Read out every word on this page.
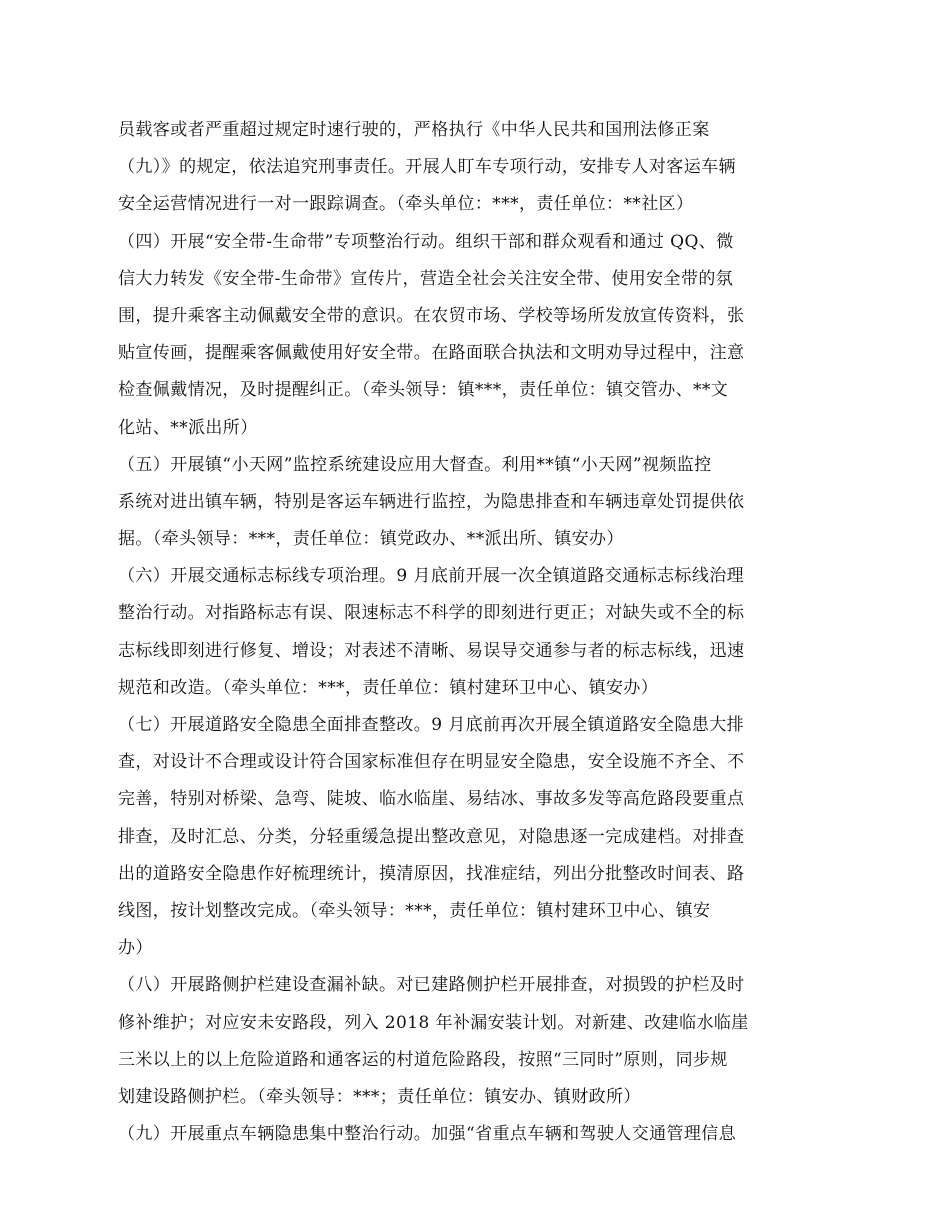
员载客或者严重超过规定时速行驶的，严格执行《中华人民共和国刑法修正案
（九）》的规定，依法追究刑事责任。开展人盯车专项行动，安排专人对客运车辆
安全运营情况进行一对一跟踪调查。（牵头单位：***，责任单位：**社区）
（四）开展“安全带-生命带”专项整治行动。组织干部和群众观看和通过 QQ、微
信大力转发《安全带-生命带》宣传片，营造全社会关注安全带、使用安全带的氛
围，提升乘客主动佩戴安全带的意识。在农贸市场、学校等场所发放宣传资料，张
贴宣传画，提醒乘客佩戴使用好安全带。在路面联合执法和文明劝导过程中，注意
检查佩戴情况，及时提醒纠正。（牵头领导：镇***，责任单位：镇交管办、**文
化站、**派出所）
（五）开展镇“小天网”监控系统建设应用大督查。利用**镇“小天网”视频监控
系统对进出镇车辆，特别是客运车辆进行监控，为隐患排查和车辆违章处罚提供依
据。（牵头领导：***，责任单位：镇党政办、**派出所、镇安办）
（六）开展交通标志标线专项治理。9 月底前开展一次全镇道路交通标志标线治理
整治行动。对指路标志有误、限速标志不科学的即刻进行更正；对缺失或不全的标
志标线即刻进行修复、增设；对表述不清晰、易误导交通参与者的标志标线，迅速
规范和改造。（牵头单位：***，责任单位：镇村建环卫中心、镇安办）
（七）开展道路安全隐患全面排查整改。9 月底前再次开展全镇道路安全隐患大排
查，对设计不合理或设计符合国家标准但存在明显安全隐患，安全设施不齐全、不
完善，特别对桥梁、急弯、陡坡、临水临崖、易结冰、事故多发等高危路段要重点
排查，及时汇总、分类，分轻重缓急提出整改意见，对隐患逐一完成建档。对排查
出的道路安全隐患作好梳理统计，摸清原因，找准症结，列出分批整改时间表、路
线图，按计划整改完成。（牵头领导：***，责任单位：镇村建环卫中心、镇安
办）
（八）开展路侧护栏建设查漏补缺。对已建路侧护栏开展排查，对损毁的护栏及时
修补维护；对应安未安路段，列入 2018 年补漏安装计划。对新建、改建临水临崖
三米以上的以上危险道路和通客运的村道危险路段，按照“三同时”原则，同步规
划建设路侧护栏。（牵头领导：***；责任单位：镇安办、镇财政所）
（九）开展重点车辆隐患集中整治行动。加强“省重点车辆和驾驶人交通管理信息
